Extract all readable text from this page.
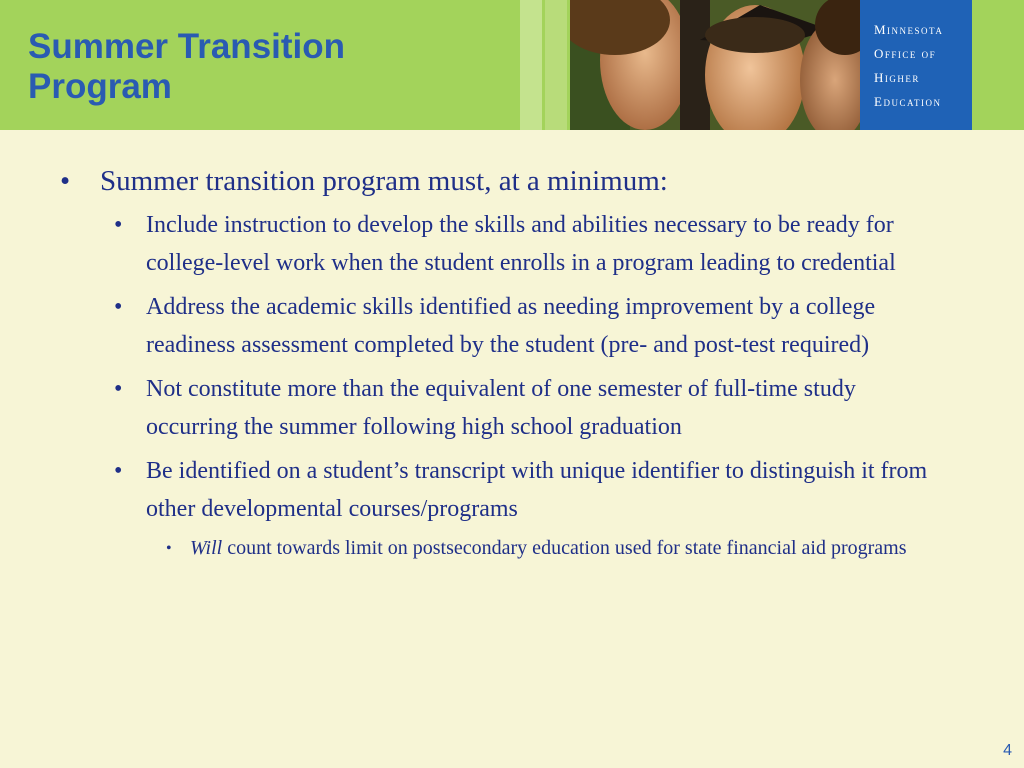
Summer Transition
Program

Minnesota
Office of
Higher
Education

• Summer transition program must, at a minimum:

• Include instruction to develop the skills and abilities necessary to be ready for college-level work when the student enrolls in a program leading to credential
• Address the academic skills identified as needing improvement by a college readiness assessment completed by the student (pre- and post-test required)
• Not constitute more than the equivalent of one semester of full-time study occurring the summer following high school graduation
• Be identified on a student’s transcript with unique identifier to distinguish it from other developmental courses/programs

• Will count towards limit on postsecondary education used for state financial aid programs

4
